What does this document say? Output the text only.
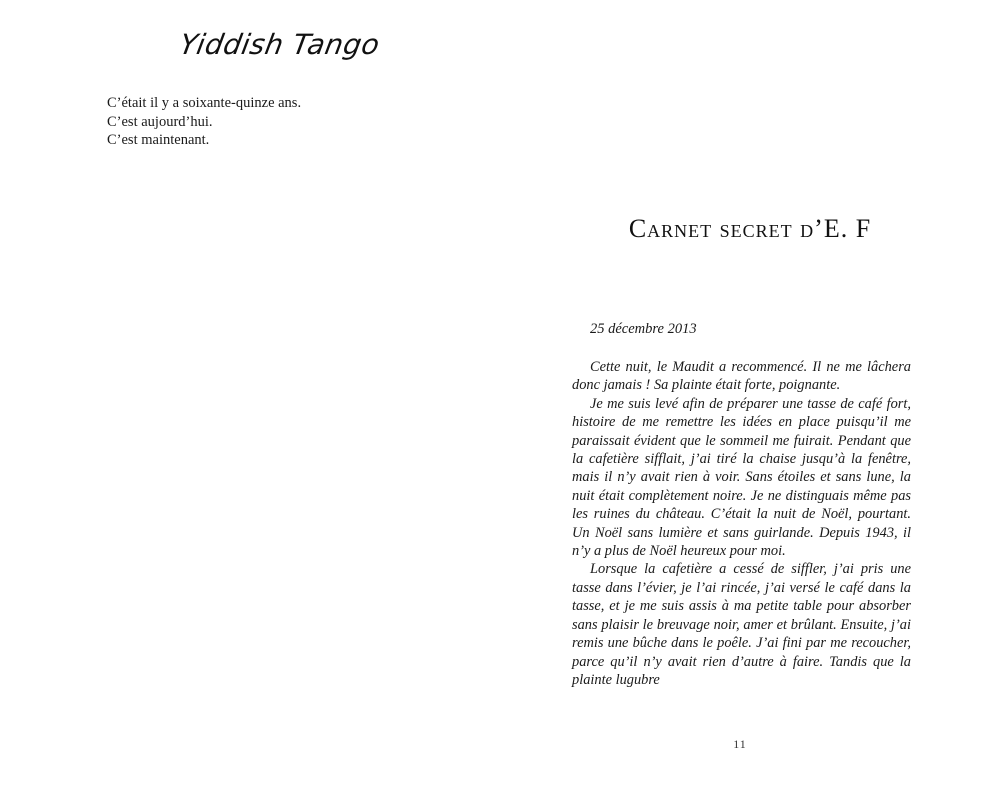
Yiddish Tango
C’était il y a soixante-quinze ans.
C’est aujourd’hui.
C’est maintenant.
Carnet secret d’E. F
25 décembre 2013

Cette nuit, le Maudit a recommencé. Il ne me lâchera donc jamais ! Sa plainte était forte, poignante.

Je me suis levé afin de préparer une tasse de café fort, histoire de me remettre les idées en place puisqu’il me paraissait évident que le sommeil me fuirait. Pendant que la cafetière sifflait, j’ai tiré la chaise jusqu’à la fenêtre, mais il n’y avait rien à voir. Sans étoiles et sans lune, la nuit était complètement noire. Je ne distinguais même pas les ruines du château. C’était la nuit de Noël, pourtant. Un Noël sans lumière et sans guirlande. Depuis 1943, il n’y a plus de Noël heureux pour moi.

Lorsque la cafetière a cessé de siffler, j’ai pris une tasse dans l’évier, je l’ai rincée, j’ai versé le café dans la tasse, et je me suis assis à ma petite table pour absorber sans plaisir le breuvage noir, amer et brûlant. Ensuite, j’ai remis une bûche dans le poêle. J’ai fini par me recoucher, parce qu’il n’y avait rien d’autre à faire. Tandis que la plainte lugubre

11
